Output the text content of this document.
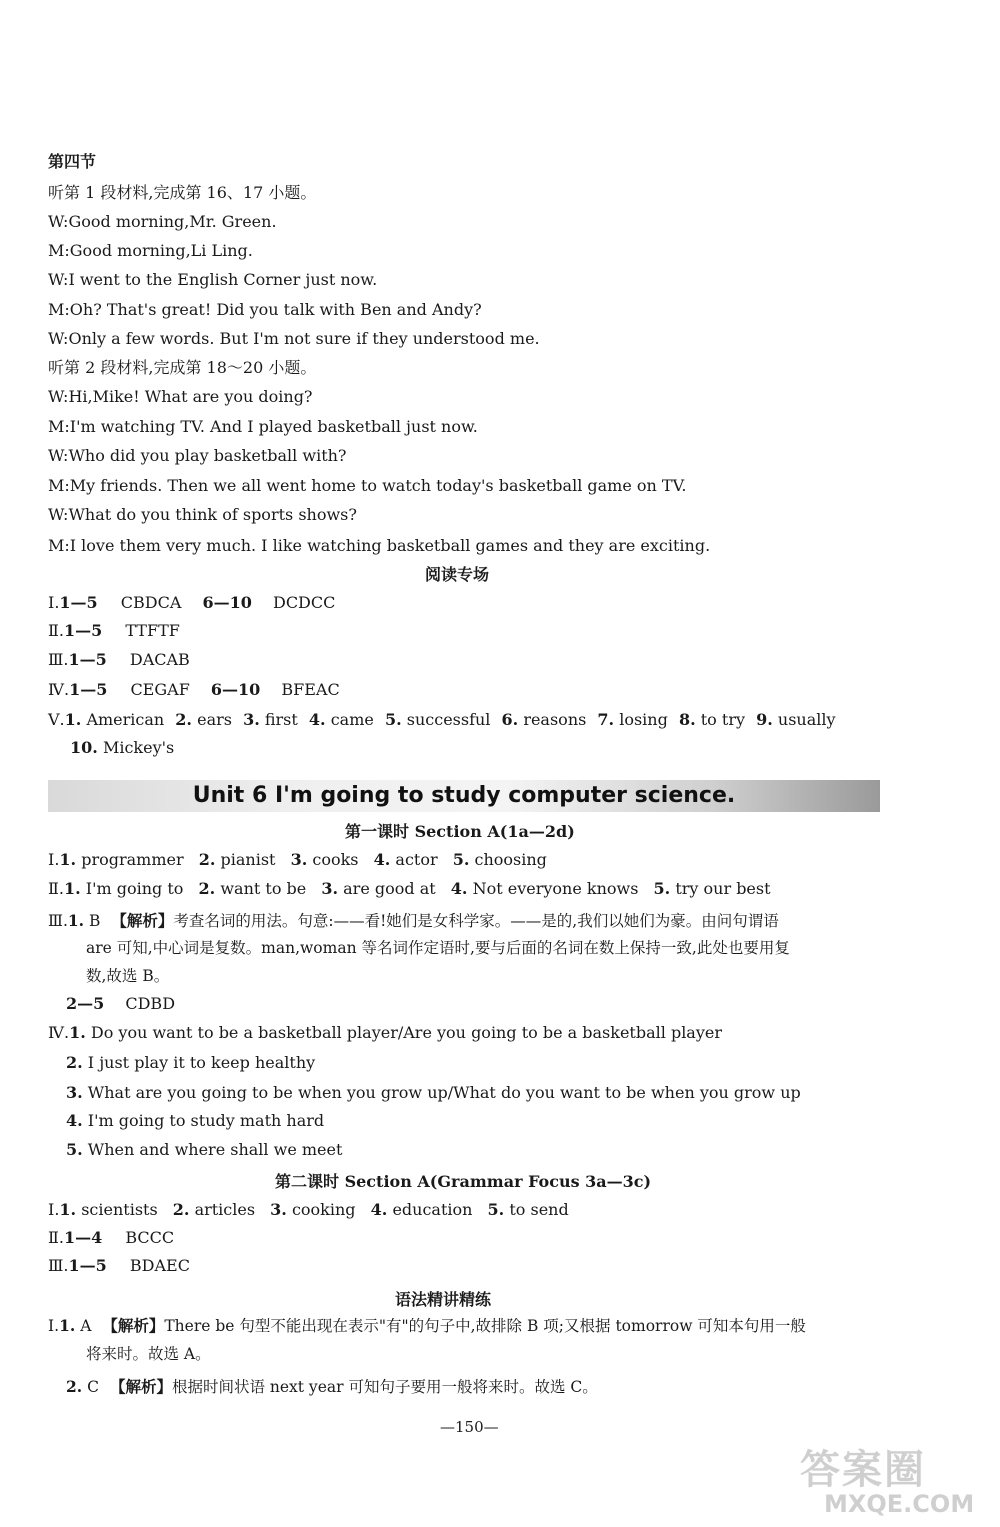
第四节
听第 1 段材料,完成第 16、17 小题。
W:Good morning,Mr. Green.
M:Good morning,Li Ling.
W:I went to the English Corner just now.
M:Oh? That's great! Did you talk with Ben and Andy?
W:Only a few words. But I'm not sure if they understood me.
听第 2 段材料,完成第 18～20 小题。
W:Hi,Mike! What are you doing?
M:I'm watching TV. And I played basketball just now.
W:Who did you play basketball with?
M:My friends. Then we all went home to watch today's basketball game on TV.
W:What do you think of sports shows?
M:I love them very much. I like watching basketball games and they are exciting.
阅读专场
Ⅰ.1—5 CBDCA 6—10 DCDCC
Ⅱ.1—5 TTFTF
Ⅲ.1—5 DACAB
Ⅳ.1—5 CEGAF 6—10 BFEAC
Ⅴ.1. American 2. ears 3. first 4. came 5. successful 6. reasons 7. losing 8. to try 9. usually
10. Mickey's
Unit 6 I'm going to study computer science.
第一课时 Section A(1a—2d)
Ⅰ.1. programmer 2. pianist 3. cooks 4. actor 5. choosing
Ⅱ.1. I'm going to 2. want to be 3. are good at 4. Not everyone knows 5. try our best
Ⅲ.1. B 【解析】考查名词的用法。句意:——看!她们是女科学家。——是的,我们以她们为豪。由问句谓语
are 可知,中心词是复数。man,woman 等名词作定语时,要与后面的名词在数上保持一致,此处也要用复
数,故选 B。
2—5 CDBD
Ⅳ.1. Do you want to be a basketball player/Are you going to be a basketball player
2. I just play it to keep healthy
3. What are you going to be when you grow up/What do you want to be when you grow up
4. I'm going to study math hard
5. When and where shall we meet
第二课时 Section A(Grammar Focus 3a—3c)
Ⅰ.1. scientists 2. articles 3. cooking 4. education 5. to send
Ⅱ.1—4 BCCC
Ⅲ.1—5 BDAEC
语法精讲精练
Ⅰ.1. A 【解析】There be 句型不能出现在表示"有"的句子中,故排除 B 项;又根据 tomorrow 可知本句用一般
将来时。故选 A。
2. C 【解析】根据时间状语 next year 可知句子要用一般将来时。故选 C。
—150—
答案圈
MXQE.COM
